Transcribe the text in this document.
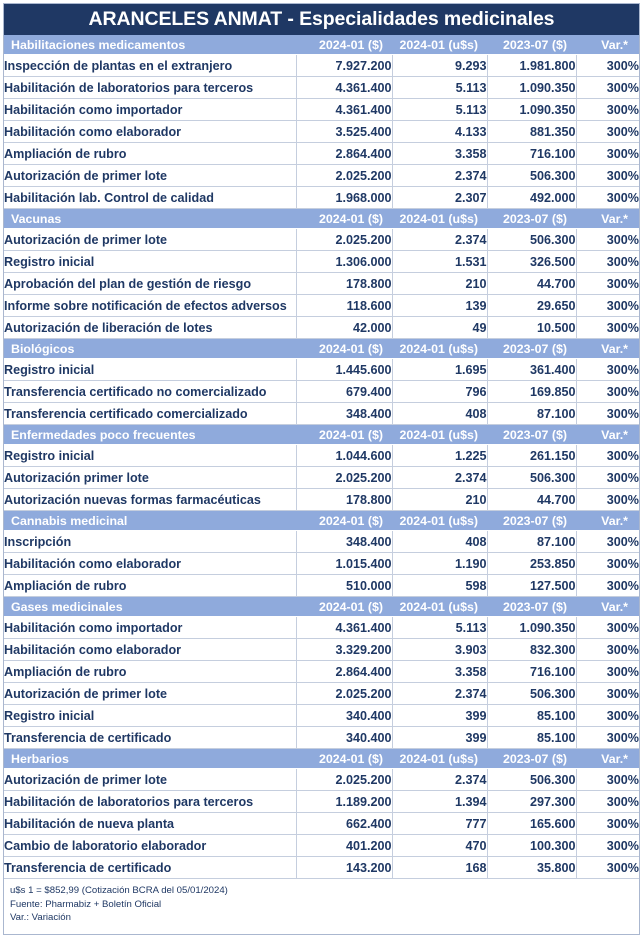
ARANCELES ANMAT - Especialidades medicinales
Habilitaciones medicamentos	2024-01 ($)	2024-01 (u$s)	2023-07 ($)	Var.*
Inspección de plantas en el extranjero	7.927.200	9.293	1.981.800	300%
Habilitación de laboratorios para terceros	4.361.400	5.113	1.090.350	300%
Habilitación como importador	4.361.400	5.113	1.090.350	300%
Habilitación como elaborador	3.525.400	4.133	881.350	300%
Ampliación de rubro	2.864.400	3.358	716.100	300%
Autorización de primer lote	2.025.200	2.374	506.300	300%
Habilitación lab. Control de calidad	1.968.000	2.307	492.000	300%
Vacunas	2024-01 ($)	2024-01 (u$s)	2023-07 ($)	Var.*
Autorización de primer lote	2.025.200	2.374	506.300	300%
Registro inicial	1.306.000	1.531	326.500	300%
Aprobación del plan de gestión de riesgo	178.800	210	44.700	300%
Informe sobre notificación de efectos adversos	118.600	139	29.650	300%
Autorización de liberación de lotes	42.000	49	10.500	300%
Biológicos	2024-01 ($)	2024-01 (u$s)	2023-07 ($)	Var.*
Registro inicial	1.445.600	1.695	361.400	300%
Transferencia certificado no comercializado	679.400	796	169.850	300%
Transferencia certificado comercializado	348.400	408	87.100	300%
Enfermedades poco frecuentes	2024-01 ($)	2024-01 (u$s)	2023-07 ($)	Var.*
Registro inicial	1.044.600	1.225	261.150	300%
Autorización primer lote	2.025.200	2.374	506.300	300%
Autorización nuevas formas farmacéuticas	178.800	210	44.700	300%
Cannabis medicinal	2024-01 ($)	2024-01 (u$s)	2023-07 ($)	Var.*
Inscripción	348.400	408	87.100	300%
Habilitación como elaborador	1.015.400	1.190	253.850	300%
Ampliación de rubro	510.000	598	127.500	300%
Gases medicinales	2024-01 ($)	2024-01 (u$s)	2023-07 ($)	Var.*
Habilitación como importador	4.361.400	5.113	1.090.350	300%
Habilitación como elaborador	3.329.200	3.903	832.300	300%
Ampliación de rubro	2.864.400	3.358	716.100	300%
Autorización de primer lote	2.025.200	2.374	506.300	300%
Registro inicial	340.400	399	85.100	300%
Transferencia de certificado	340.400	399	85.100	300%
Herbarios	2024-01 ($)	2024-01 (u$s)	2023-07 ($)	Var.*
Autorización de primer lote	2.025.200	2.374	506.300	300%
Habilitación de laboratorios para terceros	1.189.200	1.394	297.300	300%
Habilitación de nueva planta	662.400	777	165.600	300%
Cambio de laboratorio elaborador	401.200	470	100.300	300%
Transferencia de certificado	143.200	168	35.800	300%
u$s 1 = $852,99 (Cotización BCRA del 05/01/2024)
Fuente: Pharmabiz + Boletín Oficial
Var.: Variación
